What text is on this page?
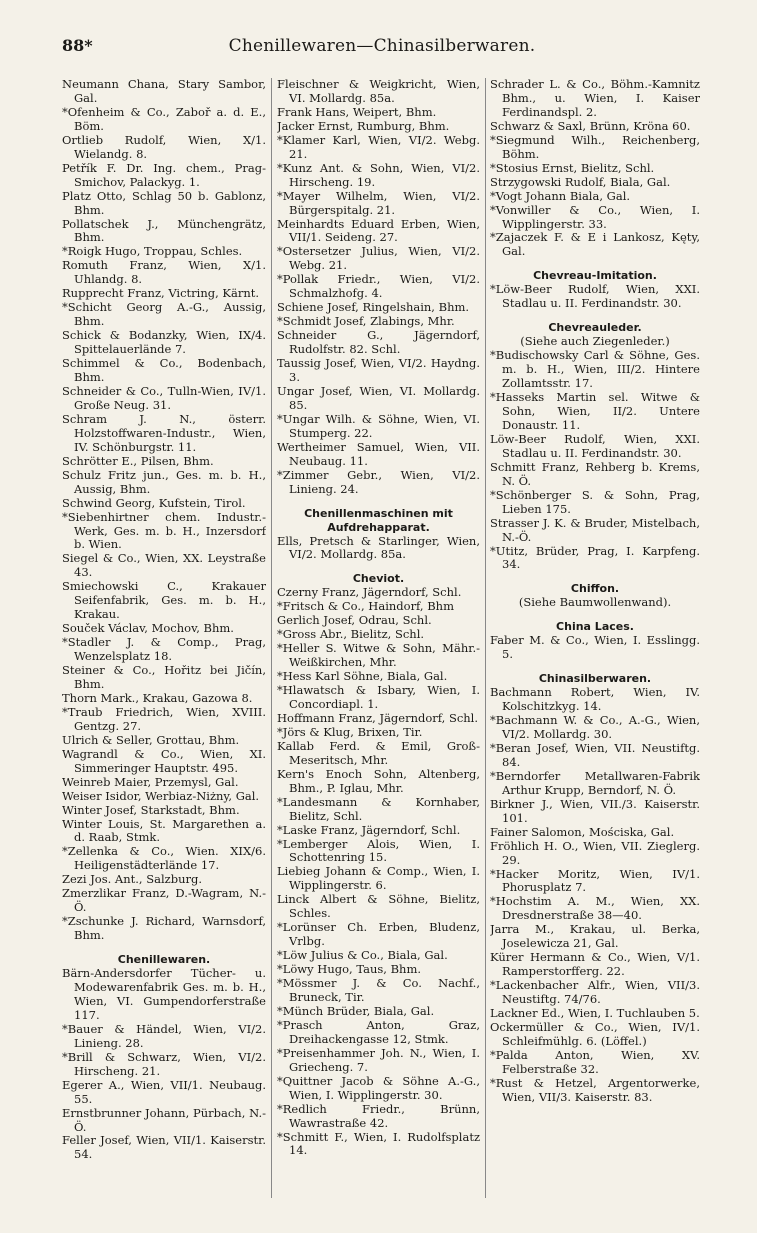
88*	Chenillewaren—Chinasilberwaren.

Neumann Chana, Stary Sambor, Gal.

*Ofenheim & Co., Zaboř a. d. E., Böm.

Ortlieb Rudolf, Wien, X/1. Wielandg. 8.

Petřík F. Dr. Ing. chem., Prag-Smichov, Palackyg. 1.

Platz Otto, Schlag 50 b. Gablonz, Bhm.

Pollatschek J., Münchengrätz, Bhm.

*Roigk Hugo, Troppau, Schles.

Romuth Franz, Wien, X/1. Uhlandg. 8.

Rupprecht Franz, Victring, Kärnt.

*Schicht Georg A.-G., Aussig, Bhm.

Schick & Bodanzky, Wien, IX/4. Spittelauerlände 7.

Schimmel & Co., Bodenbach, Bhm.

Schneider & Co., Tulln-Wien, IV/1. Große Neug. 31.

Schram J. N., österr. Holzstoffwaren-Industr., Wien, IV. Schönburgstr. 11.

Schrötter E., Pilsen, Bhm.

Schulz Fritz jun., Ges. m. b. H., Aussig, Bhm.

Schwind Georg, Kufstein, Tirol.

*Siebenhirtner chem. Industr.-Werk, Ges. m. b. H., Inzersdorf b. Wien.

Siegel & Co., Wien, XX. Leystraße 43.

Smiechowski C., Krakauer Seifenfabrik, Ges. m. b. H., Krakau.

Souček Václav, Mochov, Bhm.

*Stadler J. & Comp., Prag, Wenzelsplatz 18.

Steiner & Co., Hořitz bei Jičín, Bhm.

Thorn Mark., Krakau, Gazowa 8.

*Traub Friedrich, Wien, XVIII. Gentzg. 27.

Ulrich & Seller, Grottau, Bhm.

Wagrandl & Co., Wien, XI. Simmeringer Hauptstr. 495.

Weinreb Maier, Przemysl, Gal.

Weiser Isidor, Werbiaz-Niżny, Gal.

Winter Josef, Starkstadt, Bhm.

Winter Louis, St. Margarethen a. d. Raab, Stmk.

*Zellenka & Co., Wien. XIX/6. Heiligenstädterlände 17.

Zezi Jos. Ant., Salzburg.

Zmerzlikar Franz, D.-Wagram, N.-Ö.

*Zschunke J. Richard, Warnsdorf, Bhm.

Chenillewaren.

Bärn-Andersdorfer Tücher- u. Modewarenfabrik Ges. m. b. H., Wien, VI. Gumpendorferstraße 117.

*Bauer & Händel, Wien, VI/2. Linieng. 28.

*Brill & Schwarz, Wien, VI/2. Hirscheng. 21.

Egerer A., Wien, VII/1. Neubaug. 55.

Ernstbrunner Johann, Pürbach, N.-Ö.

Feller Josef, Wien, VII/1. Kaiserstr. 54.

Fleischner & Weigkricht, Wien, VI. Mollardg. 85a.

Frank Hans, Weipert, Bhm.

Jacker Ernst, Rumburg, Bhm.

*Klamer Karl, Wien, VI/2. Webg. 21.

*Kunz Ant. & Sohn, Wien, VI/2. Hirscheng. 19.

*Mayer Wilhelm, Wien, VI/2. Bürgerspitalg. 21.

Meinhardts Eduard Erben, Wien, VII/1. Seideng. 27.

*Ostersetzer Julius, Wien, VI/2. Webg. 21.

*Pollak Friedr., Wien, VI/2. Schmalzhofg. 4.

Schiene Josef, Ringelshain, Bhm.

*Schmidt Josef, Zlabings, Mhr.

Schneider G., Jägerndorf, Rudolfstr. 82. Schl.

Taussig Josef, Wien, VI/2. Haydng. 3.

Ungar Josef, Wien, VI. Mollardg. 85.

*Ungar Wilh. & Söhne, Wien, VI. Stumperg. 22.

Wertheimer Samuel, Wien, VII. Neubaug. 11.

*Zimmer Gebr., Wien, VI/2. Linieng. 24.

Chenillenmaschinen mit Aufdrehapparat.

Ells, Pretsch & Starlinger, Wien, VI/2. Mollardg. 85a.

Cheviot.

Czerny Franz, Jägerndorf, Schl.

*Fritsch & Co., Haindorf, Bhm

Gerlich Josef, Odrau, Schl.

*Gross Abr., Bielitz, Schl.

*Heller S. Witwe & Sohn, Mähr.-Weißkirchen, Mhr.

*Hess Karl Söhne, Biala, Gal.

*Hlawatsch & Isbary, Wien, I. Concordiapl. 1.

Hoffmann Franz, Jägerndorf, Schl.

*Jörs & Klug, Brixen, Tir.

Kallab Ferd. & Emil, Groß-Meseritsch, Mhr.

Kern's Enoch Sohn, Altenberg, Bhm., P. Iglau, Mhr.

*Landesmann & Kornhaber, Bielitz, Schl.

*Laske Franz, Jägerndorf, Schl.

*Lemberger Alois, Wien, I. Schottenring 15.

Liebieg Johann & Comp., Wien, I. Wipplingerstr. 6.

Linck Albert & Söhne, Bielitz, Schles.

*Lorünser Ch. Erben, Bludenz, Vrlbg.

*Löw Julius & Co., Biala, Gal.

*Löwy Hugo, Taus, Bhm.

*Mössmer J. & Co. Nachf., Bruneck, Tir.

*Münch Brüder, Biala, Gal.

*Prasch Anton, Graz, Dreihackengasse 12, Stmk.

*Preisenhammer Joh. N., Wien, I. Griecheng. 7.

*Quittner Jacob & Söhne A.-G., Wien, I. Wipplingerstr. 30.

*Redlich Friedr., Brünn, Wawrastraße 42.

*Schmitt F., Wien, I. Rudolfsplatz 14.

Schrader L. & Co., Böhm.-Kamnitz Bhm., u. Wien, I. Kaiser Ferdinandspl. 2.

Schwarz & Saxl, Brünn, Kröna 60.

*Siegmund Wilh., Reichenberg, Böhm.

*Stosius Ernst, Bielitz, Schl.

Strzygowski Rudolf, Biala, Gal.

*Vogt Johann Biala, Gal.

*Vonwiller & Co., Wien, I. Wipplingerstr. 33.

*Zajaczek F. & E i Lankosz, Kęty, Gal.

Chevreau-Imitation.

*Löw-Beer Rudolf, Wien, XXI. Stadlau u. II. Ferdinandstr. 30.

Chevreauleder.

(Siehe auch Ziegenleder.)

*Budischowsky Carl & Söhne, Ges. m. b. H., Wien, III/2. Hintere Zollamtsstr. 17.

*Hasseks Martin sel. Witwe & Sohn, Wien, II/2. Untere Donaustr. 11.

Löw-Beer Rudolf, Wien, XXI. Stadlau u. II. Ferdinandstr. 30.

Schmitt Franz, Rehberg b. Krems, N. Ö.

*Schönberger S. & Sohn, Prag, Lieben 175.

Strasser J. K. & Bruder, Mistelbach, N.-Ö.

*Utitz, Brüder, Prag, I. Karpfeng. 34.

Chiffon.

(Siehe Baumwollenwand).

China Laces.

Faber M. & Co., Wien, I. Esslingg. 5.

Chinasilberwaren.

Bachmann Robert, Wien, IV. Kolschitzkyg. 14.

*Bachmann W. & Co., A.-G., Wien, VI/2. Mollardg. 30.

*Beran Josef, Wien, VII. Neustiftg. 84.

*Berndorfer Metallwaren-Fabrik Arthur Krupp, Berndorf, N. Ö.

Birkner J., Wien, VII./3. Kaiserstr. 101.

Fainer Salomon, Mościska, Gal.

Fröhlich H. O., Wien, VII. Zieglerg. 29.

*Hacker Moritz, Wien, IV/1. Phorusplatz 7.

*Hochstim A. M., Wien, XX. Dresdnerstraße 38—40.

Jarra M., Krakau, ul. Berka, Joselewicza 21, Gal.

Kürer Hermann & Co., Wien, V/1. Ramperstorfferg. 22.

*Lackenbacher Alfr., Wien, VII/3. Neustiftg. 74/76.

Lackner Ed., Wien, I. Tuchlauben 5.

Ockermüller & Co., Wien, IV/1. Schleifmühlg. 6. (Löffel.)

*Palda Anton, Wien, XV. Felberstraße 32.

*Rust & Hetzel, Argentorwerke, Wien, VII/3. Kaiserstr. 83.
